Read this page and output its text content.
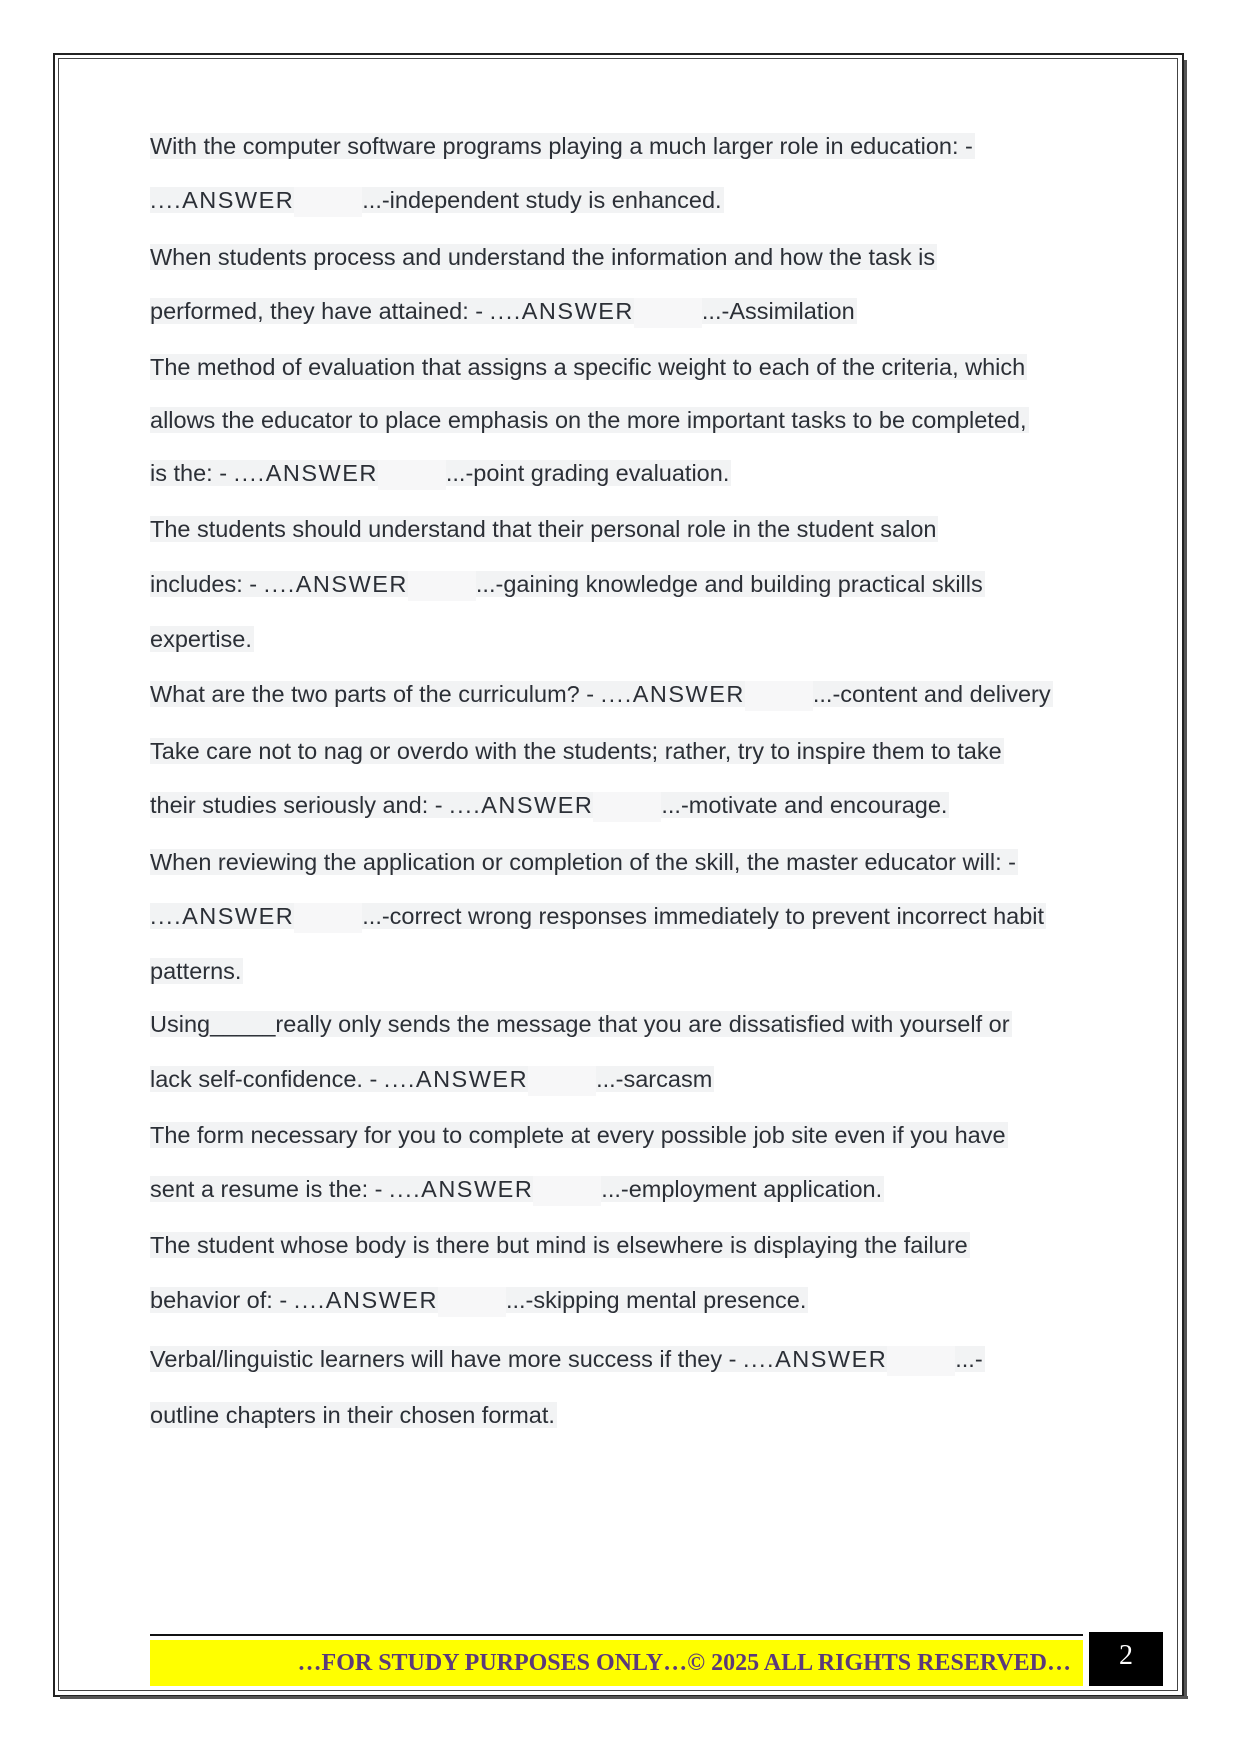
With the computer software programs playing a much larger role in education: -
....ANSWER	...-independent study is enhanced.
When students process and understand the information and how the task is
performed, they have attained: - ....ANSWER	...-Assimilation
The method of evaluation that assigns a specific weight to each of the criteria, which
allows the educator to place emphasis on the more important tasks to be completed,
is the: - ....ANSWER	...-point grading evaluation.
The students should understand that their personal role in the student salon
includes: - ....ANSWER	...-gaining knowledge and building practical skills
expertise.
What are the two parts of the curriculum? - ....ANSWER	...-content and delivery
Take care not to nag or overdo with the students; rather, try to inspire them to take
their studies seriously and: - ....ANSWER	...-motivate and encourage.
When reviewing the application or completion of the skill, the master educator will: -
....ANSWER	...-correct wrong responses immediately to prevent incorrect habit
patterns.
Using_____really only sends the message that you are dissatisfied with yourself or
lack self-confidence. - ....ANSWER	...-sarcasm
The form necessary for you to complete at every possible job site even if you have
sent a resume is the: - ....ANSWER	...-employment application.
The student whose body is there but mind is elsewhere is displaying the failure
behavior of: - ....ANSWER	...-skipping mental presence.
Verbal/linguistic learners will have more success if they - ....ANSWER	...-
outline chapters in their chosen format.
…FOR STUDY PURPOSES ONLY…© 2025 ALL RIGHTS RESERVED…	2
